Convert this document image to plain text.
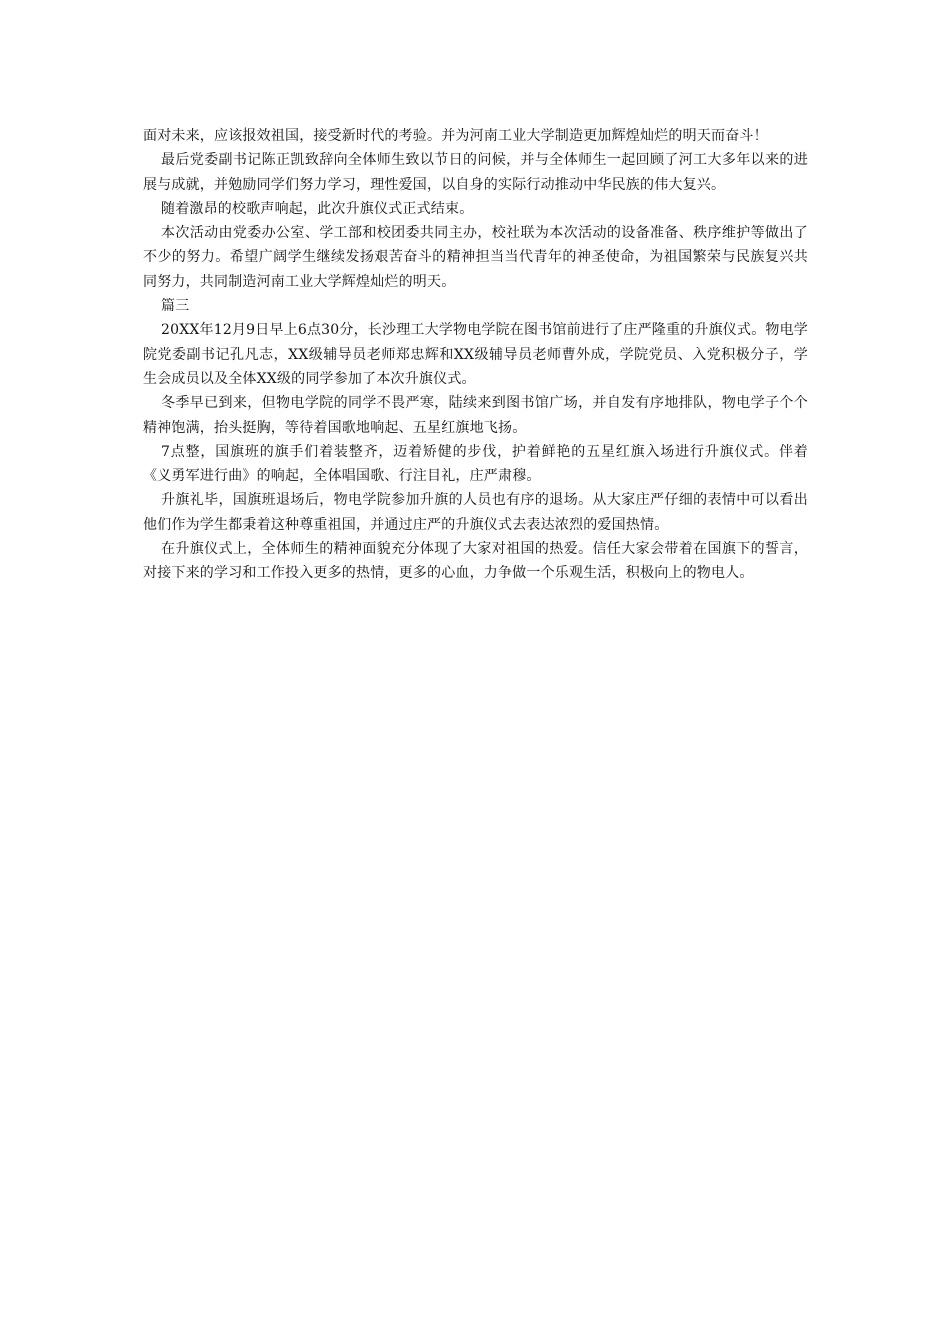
面对未来，应该报效祖国，接受新时代的考验。并为河南工业大学制造更加辉煌灿烂的明天而奋斗！

最后党委副书记陈正凯致辞向全体师生致以节日的问候，并与全体师生一起回顾了河工大多年以来的进展与成就，并勉励同学们努力学习，理性爱国，以自身的实际行动推动中华民族的伟大复兴。

随着激昂的校歌声响起，此次升旗仪式正式结束。

本次活动由党委办公室、学工部和校团委共同主办，校社联为本次活动的设备准备、秩序维护等做出了不少的努力。希望广阔学生继续发扬艰苦奋斗的精神担当当代青年的神圣使命，为祖国繁荣与民族复兴共同努力，共同制造河南工业大学辉煌灿烂的明天。

篇三

20XX年12月9日早上6点30分，长沙理工大学物电学院在图书馆前进行了庄严隆重的升旗仪式。物电学院党委副书记孔凡志，XX级辅导员老师郑忠辉和XX级辅导员老师曹外成，学院党员、入党积极分子，学生会成员以及全体XX级的同学参加了本次升旗仪式。

冬季早已到来，但物电学院的同学不畏严寒，陆续来到图书馆广场，并自发有序地排队，物电学子个个精神饱满，抬头挺胸，等待着国歌地响起、五星红旗地飞扬。

7点整，国旗班的旗手们着装整齐，迈着矫健的步伐，护着鲜艳的五星红旗入场进行升旗仪式。伴着《义勇军进行曲》的响起，全体唱国歌、行注目礼，庄严肃穆。

升旗礼毕，国旗班退场后，物电学院参加升旗的人员也有序的退场。从大家庄严仔细的表情中可以看出他们作为学生都秉着这种尊重祖国，并通过庄严的升旗仪式去表达浓烈的爱国热情。

在升旗仪式上，全体师生的精神面貌充分体现了大家对祖国的热爱。信任大家会带着在国旗下的誓言，对接下来的学习和工作投入更多的热情，更多的心血，力争做一个乐观生活，积极向上的物电人。
